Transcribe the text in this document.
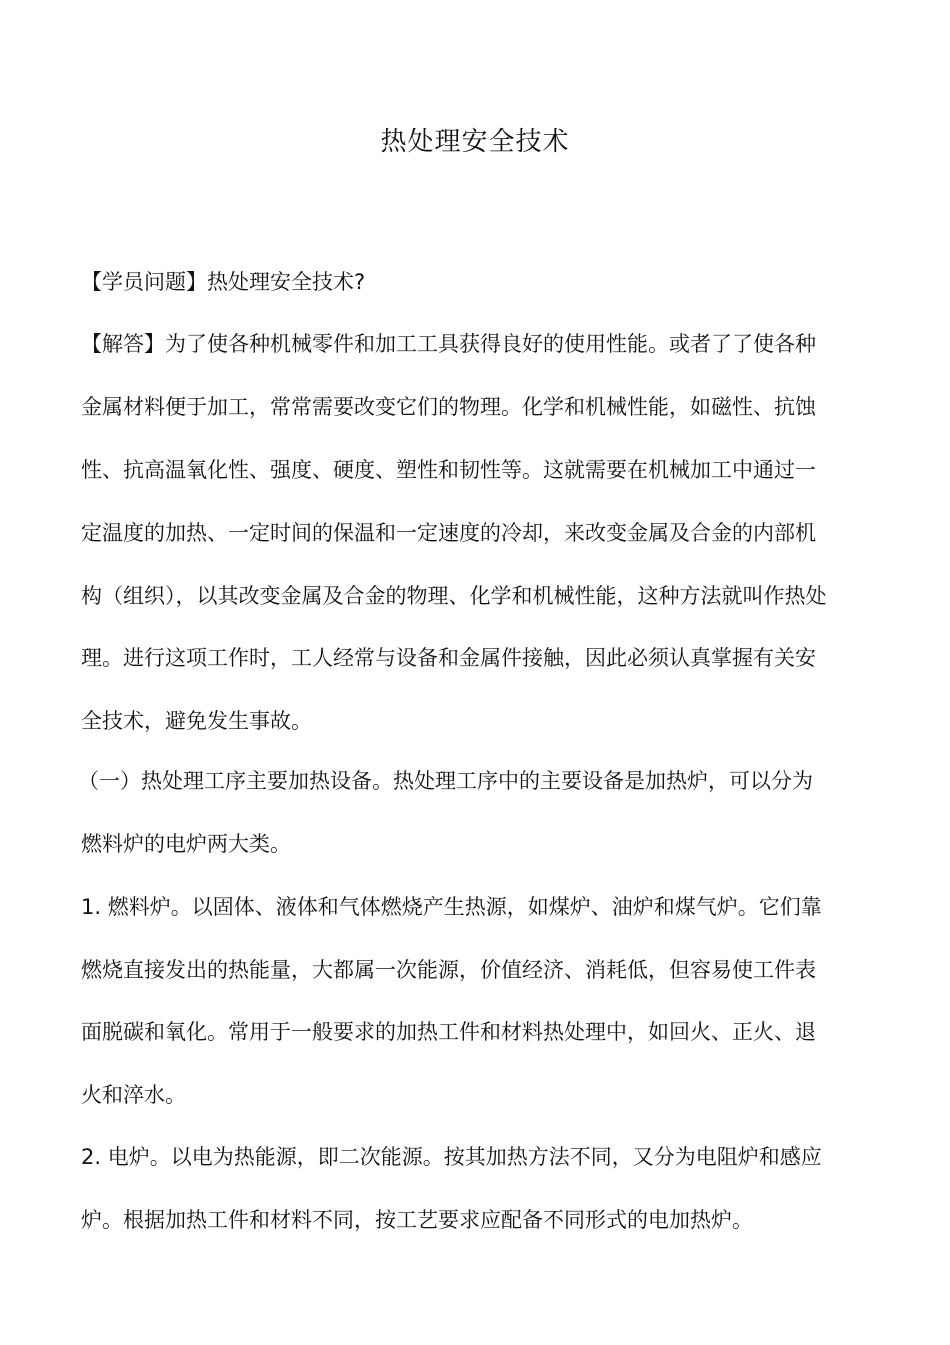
热处理安全技术
【学员问题】热处理安全技术?
【解答】为了使各种机械零件和加工工具获得良好的使用性能。或者了了使各种
金属材料便于加工，常常需要改变它们的物理。化学和机械性能，如磁性、抗蚀
性、抗高温氧化性、强度、硬度、塑性和韧性等。这就需要在机械加工中通过一
定温度的加热、一定时间的保温和一定速度的冷却，来改变金属及合金的内部机
构（组织），以其改变金属及合金的物理、化学和机械性能，这种方法就叫作热处
理。进行这项工作时，工人经常与设备和金属件接触，因此必须认真掌握有关安
全技术，避免发生事故。
（一）热处理工序主要加热设备。热处理工序中的主要设备是加热炉，可以分为
燃料炉的电炉两大类。
1. 燃料炉。以固体、液体和气体燃烧产生热源，如煤炉、油炉和煤气炉。它们靠
燃烧直接发出的热能量，大都属一次能源，价值经济、消耗低，但容易使工件表
面脱碳和氧化。常用于一般要求的加热工件和材料热处理中，如回火、正火、退
火和淬水。
2. 电炉。以电为热能源，即二次能源。按其加热方法不同，又分为电阻炉和感应
炉。根据加热工件和材料不同，按工艺要求应配备不同形式的电加热炉。
